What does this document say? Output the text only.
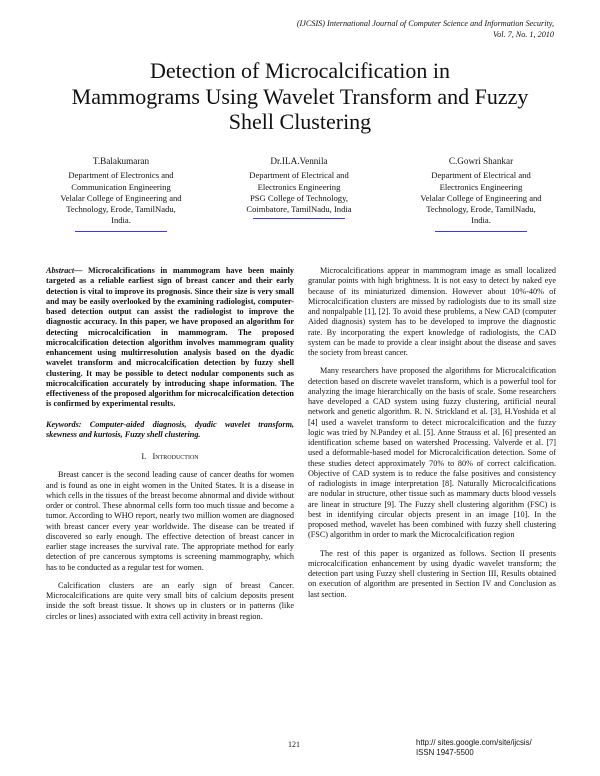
(IJCSIS) International Journal of Computer Science and Information Security,
Vol. 7, No. 1, 2010
Detection of Microcalcification in
Mammograms Using Wavelet Transform and Fuzzy
Shell Clustering
T.Balakumaran
Department of Electronics and
Communication Engineering
Velalar College of Engineering and
Technology, Erode, TamilNadu,
India.
Dr.ILA.Vennila
Department of Electrical and
Electronics Engineering
PSG College of Technology,
Coimbatore, TamilNadu, India
C.Gowri Shankar
Department of Electrical and
Electronics Engineering
Velalar College of Engineering and
Technology, Erode, TamilNadu,
India.

Abstract— Microcalcifications in mammogram have been mainly targeted as a reliable earliest sign of breast cancer and their early detection is vital to improve its prognosis. Since their size is very small and may be easily overlooked by the examining radiologist, computer-based detection output can assist the radiologist to improve the diagnostic accuracy. In this paper, we have proposed an algorithm for detecting microcalcification in mammogram. The proposed microcalcification detection algorithm involves mammogram quality enhancement using multirresolution analysis based on the dyadic wavelet transform and microcalcification detection by fuzzy shell clustering. It may be possible to detect nodular components such as microcalcification accurately by introducing shape information. The effectiveness of the proposed algorithm for microcalcification detection is confirmed by experimental results.

Keywords: Computer-aided diagnosis, dyadic wavelet transform, skewness and kurtosis, Fuzzy shell clustering.

I. Introduction

Breast cancer is the second leading cause of cancer deaths for women and is found as one in eight women in the United States. It is a disease in which cells in the tissues of the breast become abnormal and divide without order or control. These abnormal cells form too much tissue and become a tumor. According to WHO report, nearly two million women are diagnosed with breast cancer every year worldwide. The disease can be treated if discovered so early enough. The effective detection of breast cancer in earlier stage increases the survival rate. The appropriate method for early detection of pre cancerous symptoms is screening mammography, which has to be conducted as a regular test for women.

Calcification clusters are an early sign of breast Cancer. Microcalcifications are quite very small bits of calcium deposits present inside the soft breast tissue. It shows up in clusters or in patterns (like circles or lines) associated with extra cell activity in breast region.

Microcalcifications appear in mammogram image as small localized granular points with high brightness. It is not easy to detect by naked eye because of its miniaturized dimension. However about 10%-40% of Microcalcification clusters are missed by radiologists due to its small size and nonpalpable [1], [2]. To avoid these problems, a New CAD (computer Aided diagnosis) system has to be developed to improve the diagnostic rate. By incorporating the expert knowledge of radiologists, the CAD system can be made to provide a clear insight about the disease and saves the society from breast cancer.

Many researchers have proposed the algorithms for Microcalcification detection based on discrete wavelet transform, which is a powerful tool for analyzing the image hierarchically on the basis of scale. Some researchers have developed a CAD system using fuzzy clustering, artificial neural network and genetic algorithm. R. N. Strickland et al. [3], H.Yoshida et al [4] used a wavelet transform to detect microcalcification and the fuzzy logic was tried by N.Pandey et al. [5]. Anne Strauss et al. [6] presented an identification scheme based on watershed Processing. Valverde et al. [7] used a deformable-based model for Microcalcification detection. Some of these studies detect approximately 70% to 80% of correct calcification. Objective of CAD system is to reduce the false positives and consistency of radiologists in image interpretation [8]. Naturally Microcalcifications are nodular in structure, other tissue such as mammary ducts blood vessels are linear in structure [9]. The Fuzzy shell clustering algorithm (FSC) is best in identifying circular objects present in an image [10]. In the proposed method, wavelet has been combined with fuzzy shell clustering (FSC) algorithm in order to mark the Microcalcification region

The rest of this paper is organized as follows. Section II presents microcalcification enhancement by using dyadic wavelet transform; the detection part using Fuzzy shell clustering in Section III, Results obtained on execution of algorithm are presented in Section IV and Conclusion as last section.

121	http:// sites.google.com/site/ijcsis/
ISSN 1947-5500
